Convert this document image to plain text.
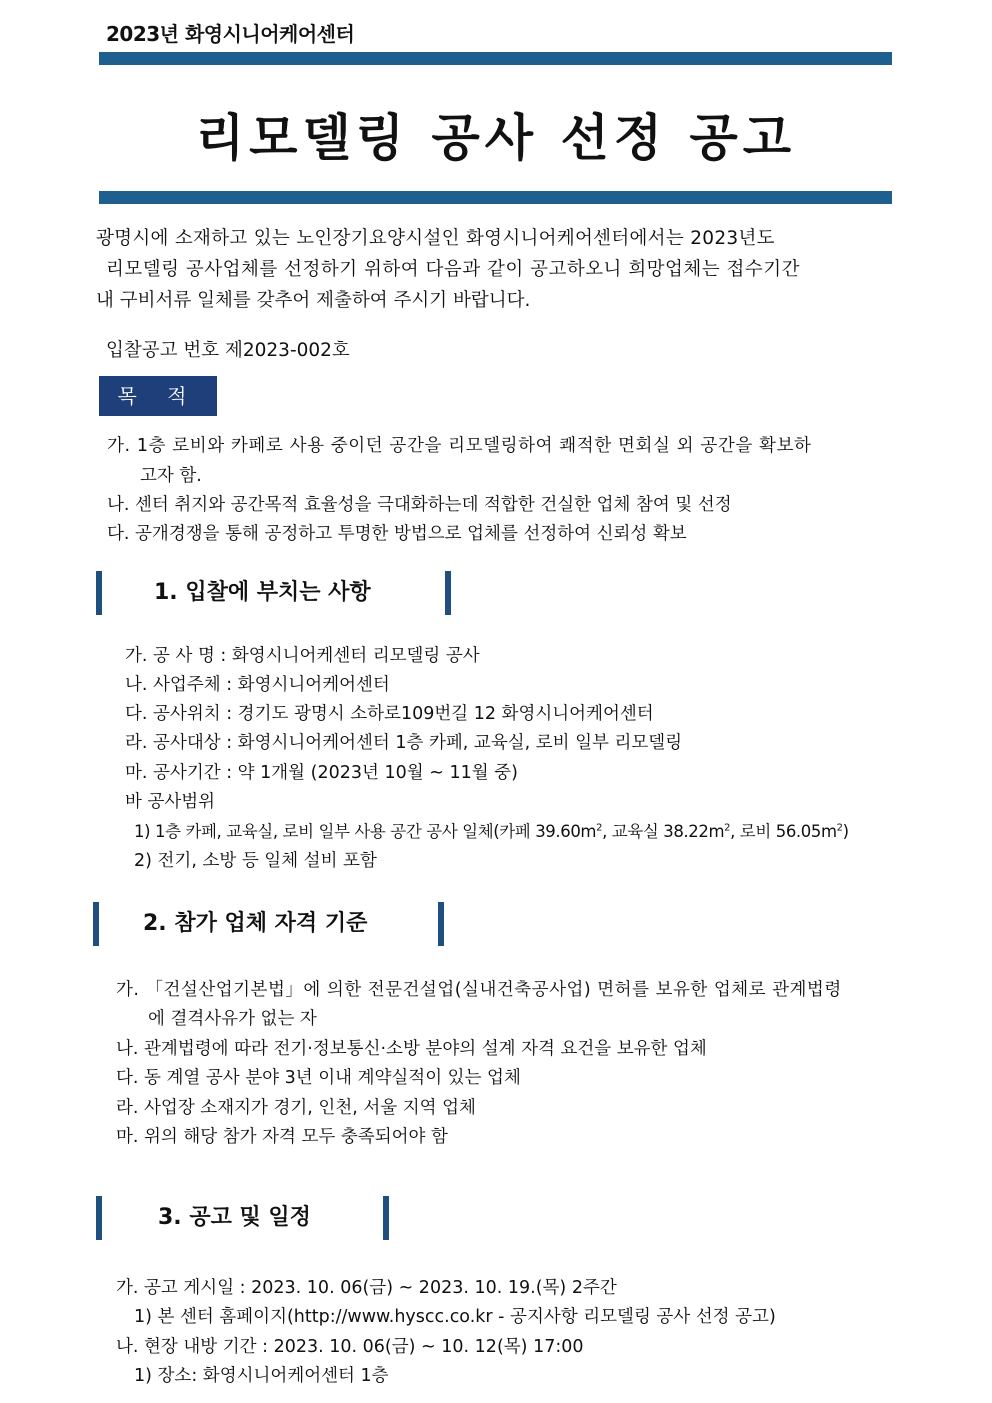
2023년 화영시니어케어센터
리모델링 공사 선정 공고
광명시에 소재하고 있는 노인장기요양시설인 화영시니어케어센터에서는 2023년도
리모델링 공사업체를 선정하기 위하여 다음과 같이 공고하오니 희망업체는 접수기간
내 구비서류 일체를 갖추어 제출하여 주시기 바랍니다.
입찰공고 번호 제2023-002호
목 적
가. 1층 로비와 카페로 사용 중이던 공간을 리모델링하여 쾌적한 면회실 외 공간을 확보하
고자 함.
나. 센터 취지와 공간목적 효율성을 극대화하는데 적합한 건실한 업체 참여 및 선정
다. 공개경쟁을 통해 공정하고 투명한 방법으로 업체를 선정하여 신뢰성 확보
1. 입찰에 부치는 사항
가. 공 사 명 : 화영시니어케센터 리모델링 공사
나. 사업주체 : 화영시니어케어센터
다. 공사위치 : 경기도 광명시 소하로109번길 12 화영시니어케어센터
라. 공사대상 : 화영시니어케어센터 1층 카페, 교육실, 로비 일부 리모델링
마. 공사기간 : 약 1개월 (2023년 10월 ~ 11월 중)
바 공사범위
1) 1층 카페, 교육실, 로비 일부 사용 공간 공사 일체(카페 $39.60m^2$, 교육실 $38.22m^2$, 로비 $56.05m^2$)
2) 전기, 소방 등 일체 설비 포함
2. 참가 업체 자격 기준
가. 「건설산업기본법」에 의한 전문건설업(실내건축공사업) 면허를 보유한 업체로 관계법령
에 결격사유가 없는 자
나. 관계법령에 따라 전기·정보통신·소방 분야의 설계 자격 요건을 보유한 업체
다. 동 계열 공사 분야 3년 이내 계약실적이 있는 업체
라. 사업장 소재지가 경기, 인천, 서울 지역 업체
마. 위의 해당 참가 자격 모두 충족되어야 함
3. 공고 및 일정
가. 공고 게시일 : 2023. 10. 06(금) ~ 2023. 10. 19.(목) 2주간
1) 본 센터 홈페이지(http://www.hyscc.co.kr - 공지사항 리모델링 공사 선정 공고)
나. 현장 내방 기간 : 2023. 10. 06(금) ~ 10. 12(목) 17:00
1) 장소: 화영시니어케어센터 1층
